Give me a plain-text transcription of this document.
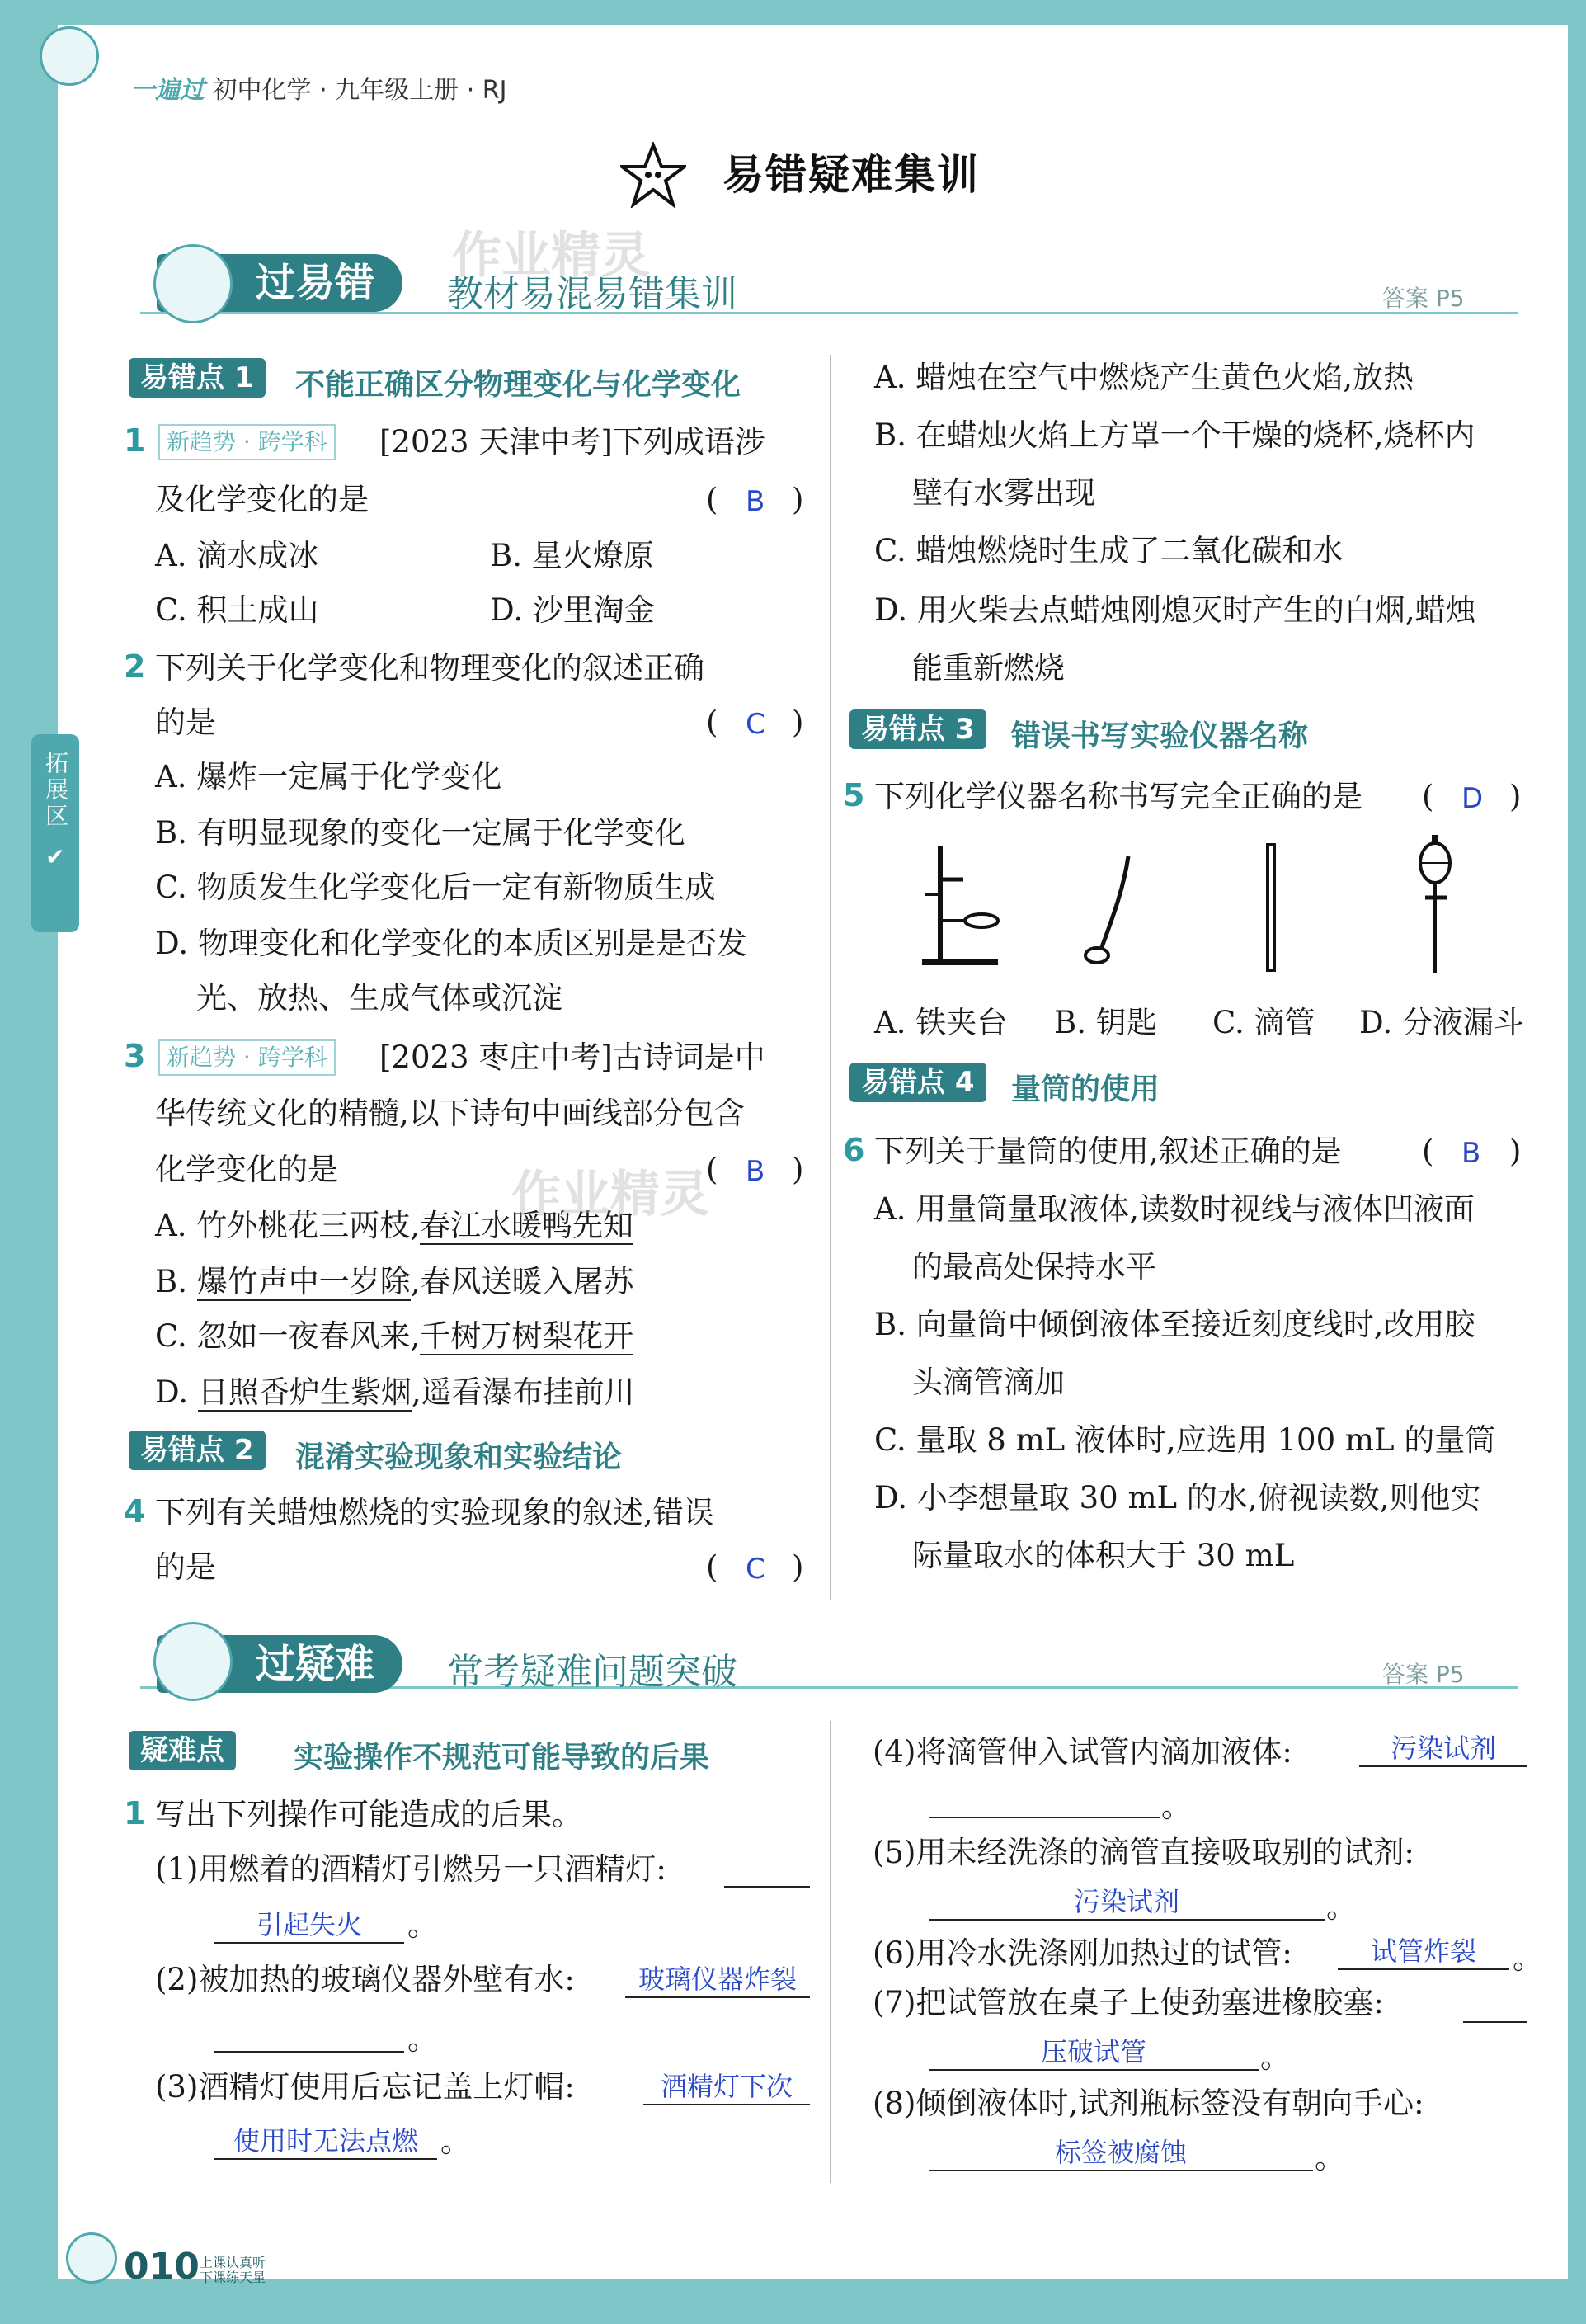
拓展区
✔
一遍过 初中化学 · 九年级上册 · RJ
易错疑难集训
过易错	教材易混易错集训
作业精灵
答案 P5
易错点 1	不能正确区分物理变化与化学变化
1 新趋势 · 跨学科 [2023 天津中考]下列成语涉
及化学变化的是	( B )
A. 滴水成冰	B. 星火燎原
C. 积土成山	D. 沙里淘金
2 下列关于化学变化和物理变化的叙述正确
的是	( C )
A. 爆炸一定属于化学变化
B. 有明显现象的变化一定属于化学变化
C. 物质发生化学变化后一定有新物质生成
D. 物理变化和化学变化的本质区别是是否发
光、放热、生成气体或沉淀
3 新趋势 · 跨学科 [2023 枣庄中考]古诗词是中
华传统文化的精髓,以下诗句中画线部分包含
化学变化的是	( B )
A. 竹外桃花三两枝,春江水暖鸭先知
B. 爆竹声中一岁除,春风送暖入屠苏
C. 忽如一夜春风来,千树万树梨花开
D. 日照香炉生紫烟,遥看瀑布挂前川
作业精灵
易错点 2	混淆实验现象和实验结论
4 下列有关蜡烛燃烧的实验现象的叙述,错误
的是	( C )
A. 蜡烛在空气中燃烧产生黄色火焰,放热
B. 在蜡烛火焰上方罩一个干燥的烧杯,烧杯内
壁有水雾出现
C. 蜡烛燃烧时生成了二氧化碳和水
D. 用火柴去点蜡烛刚熄灭时产生的白烟,蜡烛
能重新燃烧
易错点 3	错误书写实验仪器名称
5 下列化学仪器名称书写完全正确的是 ( D )
A. 铁夹台 B. 钥匙 C. 滴管 D. 分液漏斗
易错点 4	量筒的使用
6 下列关于量筒的使用,叙述正确的是	( B )
A. 用量筒量取液体,读数时视线与液体凹液面
的最高处保持水平
B. 向量筒中倾倒液体至接近刻度线时,改用胶
头滴管滴加
C. 量取 8 mL 液体时,应选用 100 mL 的量筒
D. 小李想量取 30 mL 的水,俯视读数,则他实
际量取水的体积大于 30 mL
过疑难	常考疑难问题突破	答案 P5
疑难点	实验操作不规范可能导致的后果
1 写出下列操作可能造成的后果。
(1)用燃着的酒精灯引燃另一只酒精灯:
引起失火	。
(2)被加热的玻璃仪器外壁有水:	玻璃仪器炸裂
。
(3)酒精灯使用后忘记盖上灯帽:	酒精灯下次
使用时无法点燃 。
(4)将滴管伸入试管内滴加液体:	污染试剂
。
(5)用未经洗涤的滴管直接吸取别的试剂:
污染试剂	。
(6)用冷水洗涤刚加热过的试管:	试管炸裂	。
(7)把试管放在桌子上使劲塞进橡胶塞:
压破试管	。
(8)倾倒液体时,试剂瓶标签没有朝向手心:
标签被腐蚀	。
010 上课认真听
下课练天星
